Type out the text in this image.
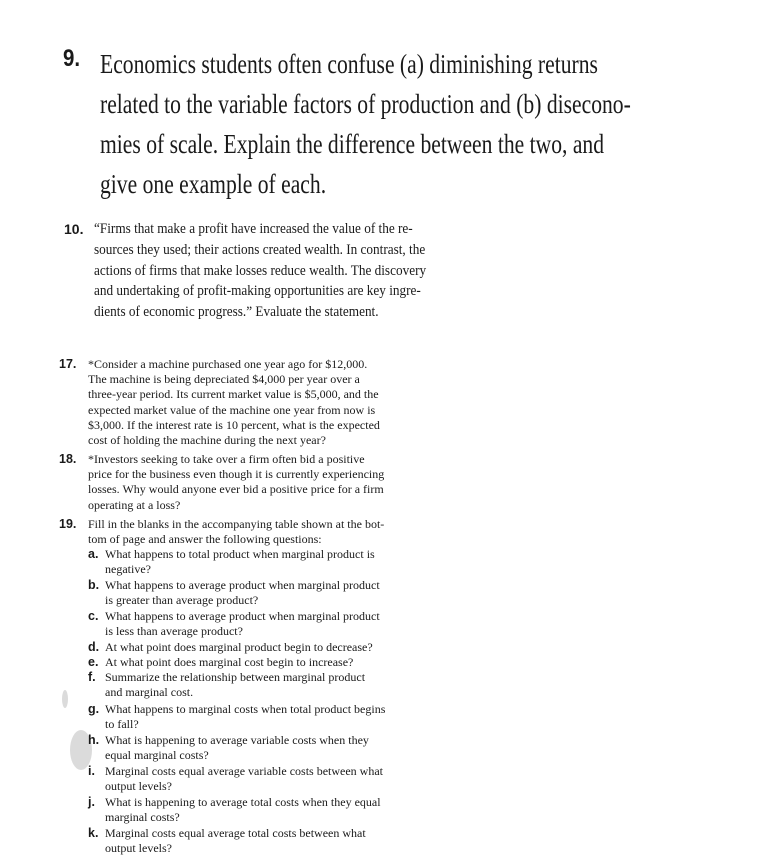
9. Economics students often confuse (a) diminishing returns
related to the variable factors of production and (b) disecono-
mies of scale. Explain the difference between the two, and
give one example of each.
10. “Firms that make a profit have increased the value of the re-
sources they used; their actions created wealth. In contrast, the
actions of firms that make losses reduce wealth. The discovery
and undertaking of profit-making opportunities are key ingre-
dients of economic progress.” Evaluate the statement.
17. *Consider a machine purchased one year ago for $12,000.
The machine is being depreciated $4,000 per year over a
three-year period. Its current market value is $5,000, and the
expected market value of the machine one year from now is
$3,000. If the interest rate is 10 percent, what is the expected
cost of holding the machine during the next year?
18. *Investors seeking to take over a firm often bid a positive
price for the business even though it is currently experiencing
losses. Why would anyone ever bid a positive price for a firm
operating at a loss?
19. Fill in the blanks in the accompanying table shown at the bot-
tom of page and answer the following questions:
a. What happens to total product when marginal product is
negative?
b. What happens to average product when marginal product
is greater than average product?
c. What happens to average product when marginal product
is less than average product?
d. At what point does marginal product begin to decrease?
e. At what point does marginal cost begin to increase?
f. Summarize the relationship between marginal product
and marginal cost.
g. What happens to marginal costs when total product begins
to fall?
h. What is happening to average variable costs when they
equal marginal costs?
i. Marginal costs equal average variable costs between what
output levels?
j. What is happening to average total costs when they equal
marginal costs?
k. Marginal costs equal average total costs between what
output levels?
